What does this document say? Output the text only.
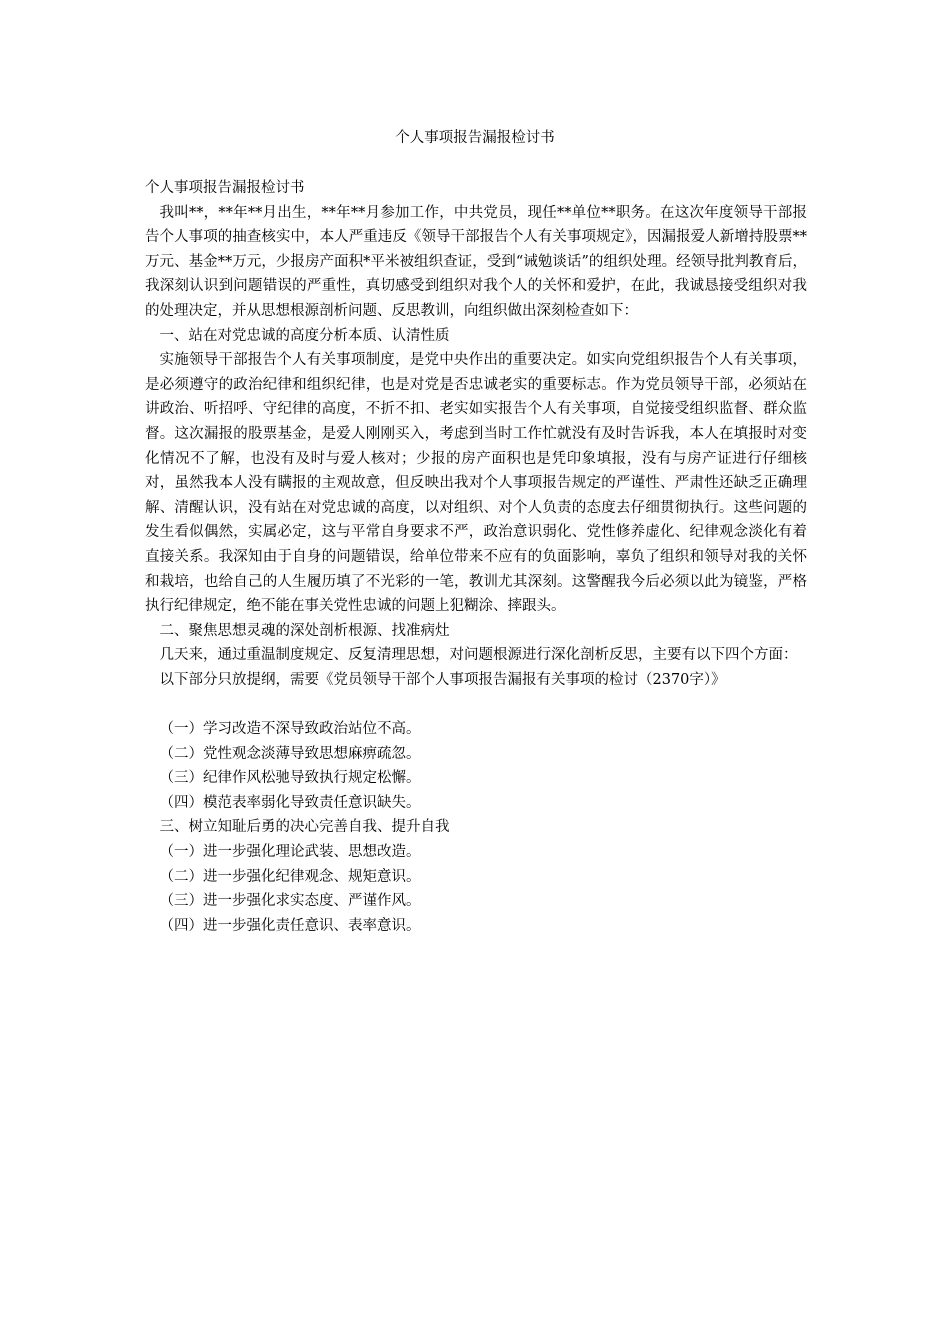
个人事项报告漏报检讨书

个人事项报告漏报检讨书

我叫**，**年**月出生，**年**月参加工作，中共党员，现任**单位**职务。在这次年度领导干部报告个人事项的抽查核实中，本人严重违反《领导干部报告个人有关事项规定》，因漏报爱人新增持股票**万元、基金**万元，少报房产面积*平米被组织查证，受到“诫勉谈话”的组织处理。经领导批判教育后，我深刻认识到问题错误的严重性，真切感受到组织对我个人的关怀和爱护，在此，我诚恳接受组织对我的处理决定，并从思想根源剖析问题、反思教训，向组织做出深刻检查如下：

一、站在对党忠诚的高度分析本质、认清性质

实施领导干部报告个人有关事项制度，是党中央作出的重要决定。如实向党组织报告个人有关事项，是必须遵守的政治纪律和组织纪律，也是对党是否忠诚老实的重要标志。作为党员领导干部，必须站在讲政治、听招呼、守纪律的高度，不折不扣、老实如实报告个人有关事项，自觉接受组织监督、群众监督。这次漏报的股票基金，是爱人刚刚买入，考虑到当时工作忙就没有及时告诉我，本人在填报时对变化情况不了解，也没有及时与爱人核对；少报的房产面积也是凭印象填报，没有与房产证进行仔细核对，虽然我本人没有瞒报的主观故意，但反映出我对个人事项报告规定的严谨性、严肃性还缺乏正确理解、清醒认识，没有站在对党忠诚的高度，以对组织、对个人负责的态度去仔细贯彻执行。这些问题的发生看似偶然，实属必定，这与平常自身要求不严，政治意识弱化、党性修养虚化、纪律观念淡化有着直接关系。我深知由于自身的问题错误，给单位带来不应有的负面影响，辜负了组织和领导对我的关怀和栽培，也给自己的人生履历填了不光彩的一笔，教训尤其深刻。这警醒我今后必须以此为镜鉴，严格执行纪律规定，绝不能在事关党性忠诚的问题上犯糊涂、摔跟头。

二、聚焦思想灵魂的深处剖析根源、找准病灶

几天来，通过重温制度规定、反复清理思想，对问题根源进行深化剖析反思，主要有以下四个方面：

以下部分只放提纲，需要《党员领导干部个人事项报告漏报有关事项的检讨（2370字）》

（一）学习改造不深导致政治站位不高。

（二）党性观念淡薄导致思想麻痹疏忽。

（三）纪律作风松驰导致执行规定松懈。

（四）模范表率弱化导致责任意识缺失。

三、树立知耻后勇的决心完善自我、提升自我

（一）进一步强化理论武装、思想改造。

（二）进一步强化纪律观念、规矩意识。

（三）进一步强化求实态度、严谨作风。

（四）进一步强化责任意识、表率意识。
